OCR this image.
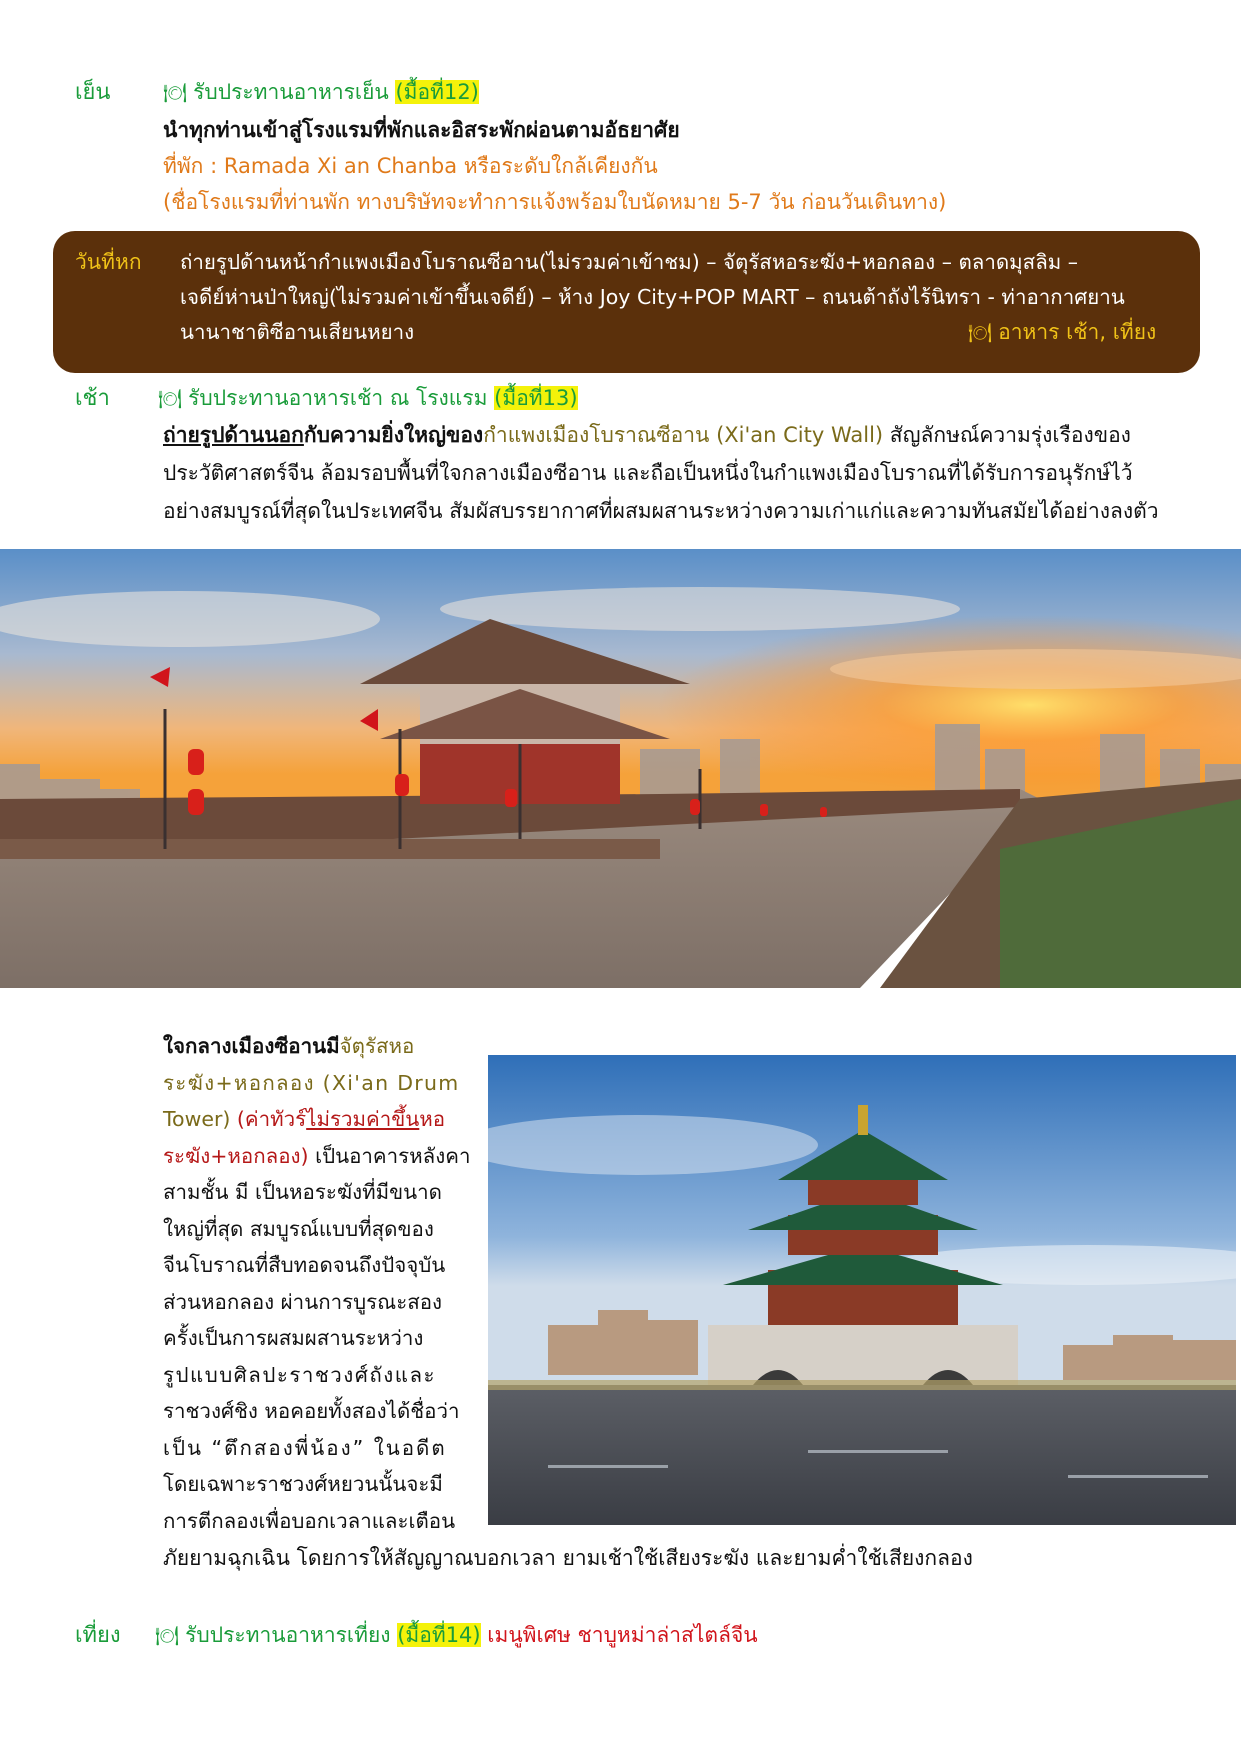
เย็น	🍽 รับประทานอาหารเย็น (มื้อที่12)
นำทุกท่านเข้าสู่โรงแรมที่พักและอิสระพักผ่อนตามอัธยาศัย
ที่พัก : Ramada Xi an Chanba หรือระดับใกล้เคียงกัน
(ชื่อโรงแรมที่ท่านพัก ทางบริษัทจะทำการแจ้งพร้อมใบนัดหมาย 5-7 วัน ก่อนวันเดินทาง)
วันที่หก ถ่ายรูปด้านหน้ากำแพงเมืองโบราณซีอาน(ไม่รวมค่าเข้าชม) – จัตุรัสหอระฆัง+หอกลอง – ตลาดมุสลิม –
เจดีย์ห่านป่าใหญ่(ไม่รวมค่าเข้าขึ้นเจดีย์) – ห้าง Joy City+POP MART – ถนนต้าถังไร้นิทรา - ท่าอากาศยาน
นานาชาติซีอานเสียนหยาง	🍽 อาหาร เช้า, เที่ยง
เช้า	🍽 รับประทานอาหารเช้า ณ โรงแรม (มื้อที่13)
ถ่ายรูปด้านนอกกับความยิ่งใหญ่ของกำแพงเมืองโบราณซีอาน (Xi'an City Wall) สัญลักษณ์ความรุ่งเรืองของ
ประวัติศาสตร์จีน ล้อมรอบพื้นที่ใจกลางเมืองซีอาน และถือเป็นหนึ่งในกำแพงเมืองโบราณที่ได้รับการอนุรักษ์ไว้
อย่างสมบูรณ์ที่สุดในประเทศจีน สัมผัสบรรยากาศที่ผสมผสานระหว่างความเก่าแก่และความทันสมัยได้อย่างลงตัว
ใจกลางเมืองซีอานมีจัตุรัสหอ
ระฆัง+หอกลอง (Xi'an Drum
Tower) (ค่าทัวร์ไม่รวมค่าขึ้นหอ
ระฆัง+หอกลอง) เป็นอาคารหลังคา
สามชั้น มี เป็นหอระฆังที่มีขนาด
ใหญ่ที่สุด สมบูรณ์แบบที่สุดของ
จีนโบราณที่สืบทอดจนถึงปัจจุบัน
ส่วนหอกลอง ผ่านการบูรณะสอง
ครั้งเป็นการผสมผสานระหว่าง
รูปแบบศิลปะราชวงศ์ถังและ
ราชวงศ์ชิง หอคอยทั้งสองได้ชื่อว่า
เป็น “ตึกสองพี่น้อง” ในอดีต
โดยเฉพาะราชวงศ์หยวนนั้นจะมี
การตีกลองเพื่อบอกเวลาและเตือน
ภัยยามฉุกเฉิน โดยการให้สัญญาณบอกเวลา ยามเช้าใช้เสียงระฆัง และยามค่ำใช้เสียงกลอง
เที่ยง 🍽 รับประทานอาหารเที่ยง (มื้อที่14) เมนูพิเศษ ชาบูหม่าล่าสไตล์จีน
